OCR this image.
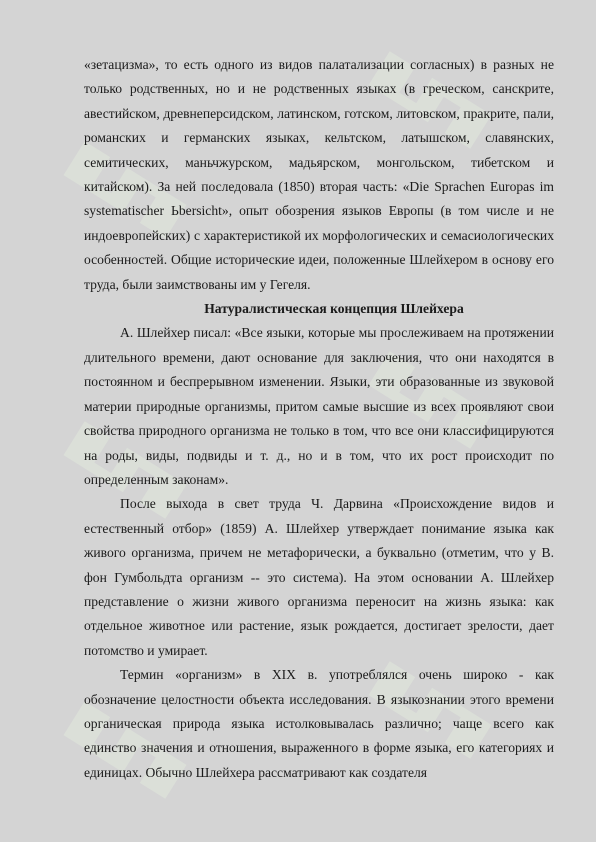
«зетацизма», то есть одного из видов палатализации согласных) в разных не только родственных, но и не родственных языках (в греческом, санскрите, авестийском, древнеперсидском, латинском, готском, литовском, пракрите, пали, романских и германских языках, кельтском, латышском, славянских, семитических, маньчжурском, мадьярском, монгольском, тибетском и китайском). За ней последовала (1850) вторая часть: «Die Sprachen Europas im systematischer Ьbersicht», опыт обозрения языков Европы (в том числе и не индоевропейских) с характеристикой их морфологических и семасиологических особенностей. Общие исторические идеи, положенные Шлейхером в основу его труда, были заимствованы им у Гегеля.

Натуралистическая концепция Шлейхера

А. Шлейхер писал: «Все языки, которые мы прослеживаем на протяжении длительного времени, дают основание для заключения, что они находятся в постоянном и беспрерывном изменении. Языки, эти образованные из звуковой материи природные организмы, притом самые высшие из всех проявляют свои свойства природного организма не только в том, что все они классифицируются на роды, виды, подвиды и т. д., но и в том, что их рост происходит по определенным законам».

После выхода в свет труда Ч. Дарвина «Происхождение видов и естественный отбор» (1859) А. Шлейхер утверждает понимание языка как живого организма, причем не метафорически, а буквально (отметим, что у В. фон Гумбольдта организм -- это система). На этом основании А. Шлейхер представление о жизни живого организма переносит на жизнь языка: как отдельное животное или растение, язык рождается, достигает зрелости, дает потомство и умирает.

Термин «организм» в XIX в. употреблялся очень широко - как обозначение целостности объекта исследования. В языкознании этого времени органическая природа языка истолковывалась различно; чаще всего как единство значения и отношения, выраженного в форме языка, его категориях и единицах. Обычно Шлейхера рассматривают как создателя
